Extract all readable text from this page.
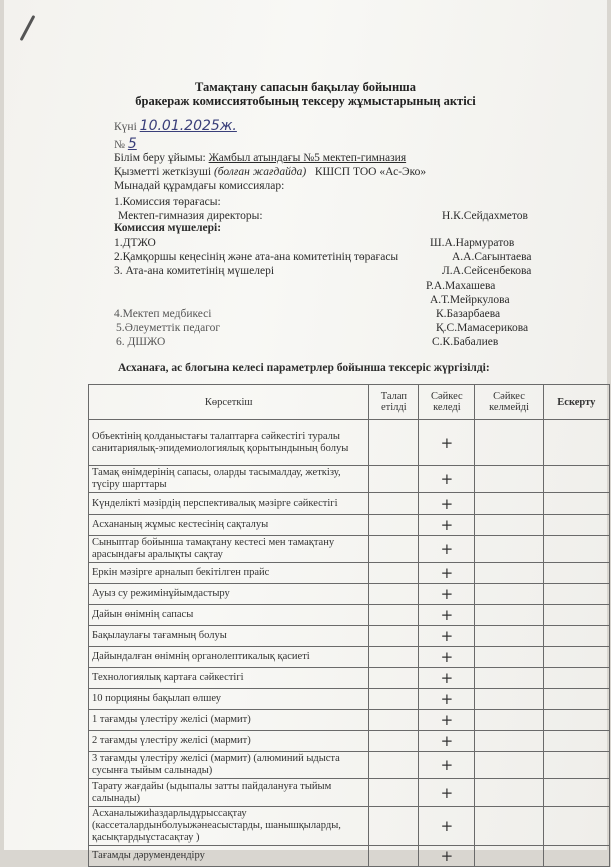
Тамақтану сапасын бақылау бойынша
бракераж комиссиятобының тексеру жұмыстарының актісі
Күні 10.01.2025ж.
№ 5
Білім беру ұйымы: Жамбыл атындағы №5 мектеп-гимназия
Қызметті жеткізуші (болған жағдайда) КШСП ТОО «Ас-Эко»
Мынадай құрамдағы комиссиялар:
1.Комиссия төрағасы:
Мектеп-гимназия директоры:	Н.К.Сейдахметов
Комиссия мүшелері:
1.ДТЖО	Ш.А.Нармуратов
2.Қамқоршы кеңесінің және ата-ана комитетінің төрағасы	А.А.Сағынтаева
3. Ата-ана комитетінің мүшелері	Л.А.Сейсенбекова
Р.А.Махашева
А.Т.Мейркулова
4.Мектеп медбикесі	К.Базарбаева
5.Әлеуметтік педагог	Қ.С.Мамасерикова
6. ДШЖО	С.К.Бабалиев
Асханаға, ас блогына келесі параметрлер бойынша тексеріс жүргізілді:
Көрсеткіш	Талап етілді	Сәйкес келеді	Сәйкес келмейді	Ескерту
Объектінің қолданыстағы талаптарға сәйкестігі туралы санитариялық-эпидемиологиялық қорытындының болуы		+		
Тамақ өнімдерінің сапасы, оларды тасымалдау, жеткізу, түсіру шарттары		+		
Күнделікті мәзірдің перспективалық мәзірге сәйкестігі		+		
Асхананың жұмыс кестесінің сақталуы		+		
Сыныптар бойынша тамақтану кестесі мен тамақтану арасындағы аралықты сақтау		+		
Еркін мәзірге арналып бекітілген прайс		+		
Ауыз су режимінұйымдастыру		+		
Дайын өнімнің сапасы		+		
Бақылаулағы тағамның болуы		+		
Дайындалған өнімнің органолептикалық қасиеті		+		
Технологиялық картаға сәйкестігі		+		
10 порцияны бақылап өлшеу		+		
1 тағамды үлестіру желісі (мармит)		+		
2 тағамды үлестіру желісі (мармит)		+		
3 тағамды үлестіру желісі (мармит) (алюминий ыдыста сусынға тыйым салынады)		+		
Тарату жағдайы (ыдыпалы затты пайдалануға тыйым салынады)		+		
Асханалыжиһаздарлыдұрыссақтау (кассеталардынболуыжәнеасыстарды, шанышқыларды, қасықтардыұстасақтау )		+		
Тағамды дәрумендендіру		+		
